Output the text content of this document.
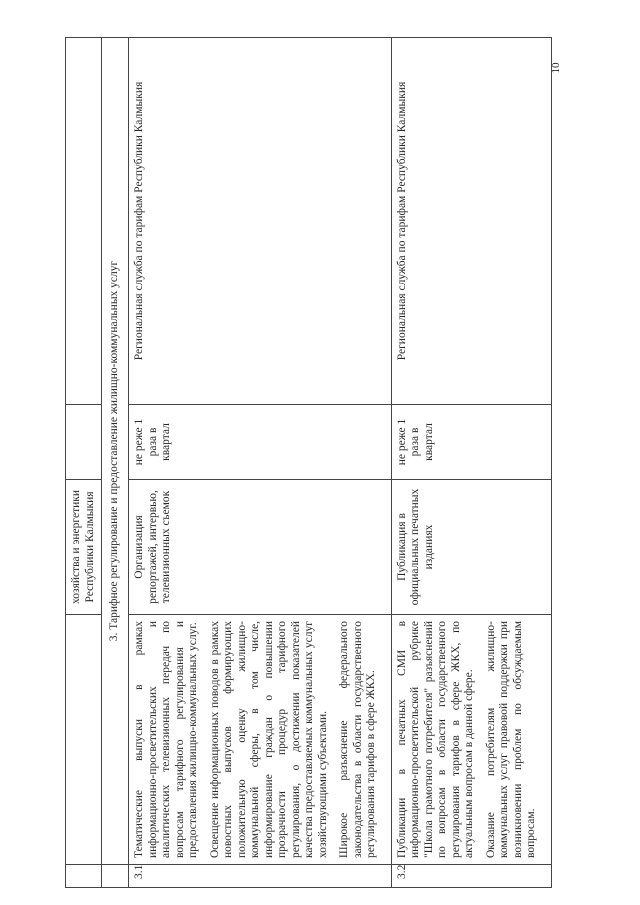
10

		хозяйства и энергетики Республики Калмыкия		

	3. Тарифное регулирование и предоставление жилищно-коммунальных услуг			
3.1	Тематические выпуски в рамках информационно-просветительских и аналитических телевизионных передач по вопросам тарифного регулирования и предоставления жилищно-коммунальных услуг. Освещение информационных поводов в рамках новостных выпусков формирующих положительную оценку жилищно-коммунальной сферы, в том числе, информирование граждан о повышении прозрачности процедур тарифного регулирования, о достижении показателей качества предоставляемых коммунальных услуг хозяйствующими субъектами. Широкое разъяснение федерального законодательства в области государственного регулирования тарифов в сфере ЖКХ.	Организация репортажей, интервью, телевизионных съемок	не реже 1 раза в квартал	Региональная служба по тарифам Республики Калмыкия
3.2	Публикации в печатных СМИ в информационно-просветительской рубрикe "Школа грамотного потребителя" разъяснений по вопросам в области государственного регулирования тарифов в сфере ЖКХ, по актуальным вопросам в данной сфере. Оказание потребителям жилищно-коммунальных услуг правовой поддержки при возникновении проблем по обсуждаемым вопросам.	Публикация в официальных печатных изданиях	не реже 1 раза в квартал	Региональная служба по тарифам Республики Калмыкия
